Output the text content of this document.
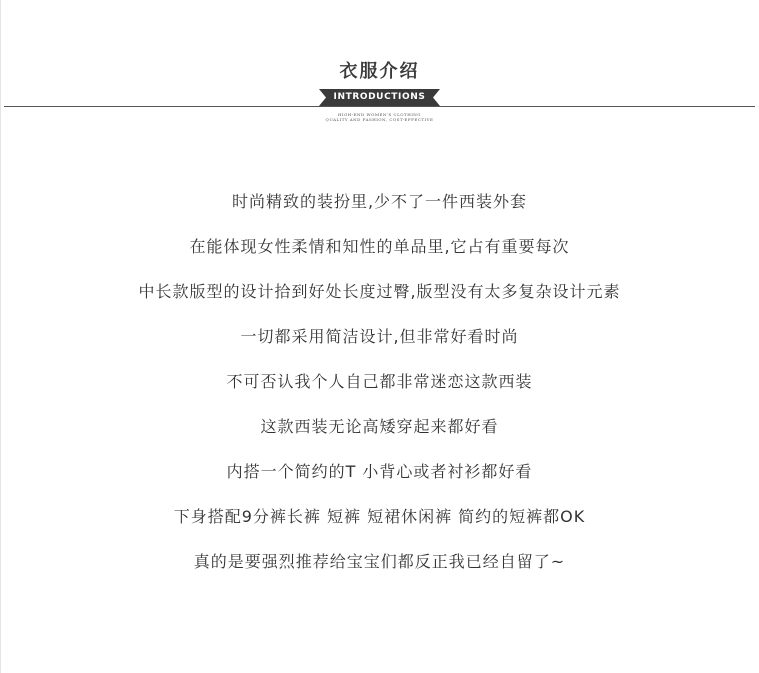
衣服介绍
INTRODUCTIONS
HIGH-END WOMEN'S CLOTHING
QUALITY AND FASHION, COST-EFFECTIVE
时尚精致的装扮里,少不了一件西装外套
在能体现女性柔情和知性的单品里,它占有重要每次
中长款版型的设计拾到好处长度过臀,版型没有太多复杂设计元素
一切都采用简洁设计,但非常好看时尚
不可否认我个人自己都非常迷恋这款西装
这款西装无论高矮穿起来都好看
内搭一个简约的T 小背心或者衬衫都好看
下身搭配9分裤长裤 短裤 短裙休闲裤 简约的短裤都OK
真的是要强烈推荐给宝宝们都反正我已经自留了~
